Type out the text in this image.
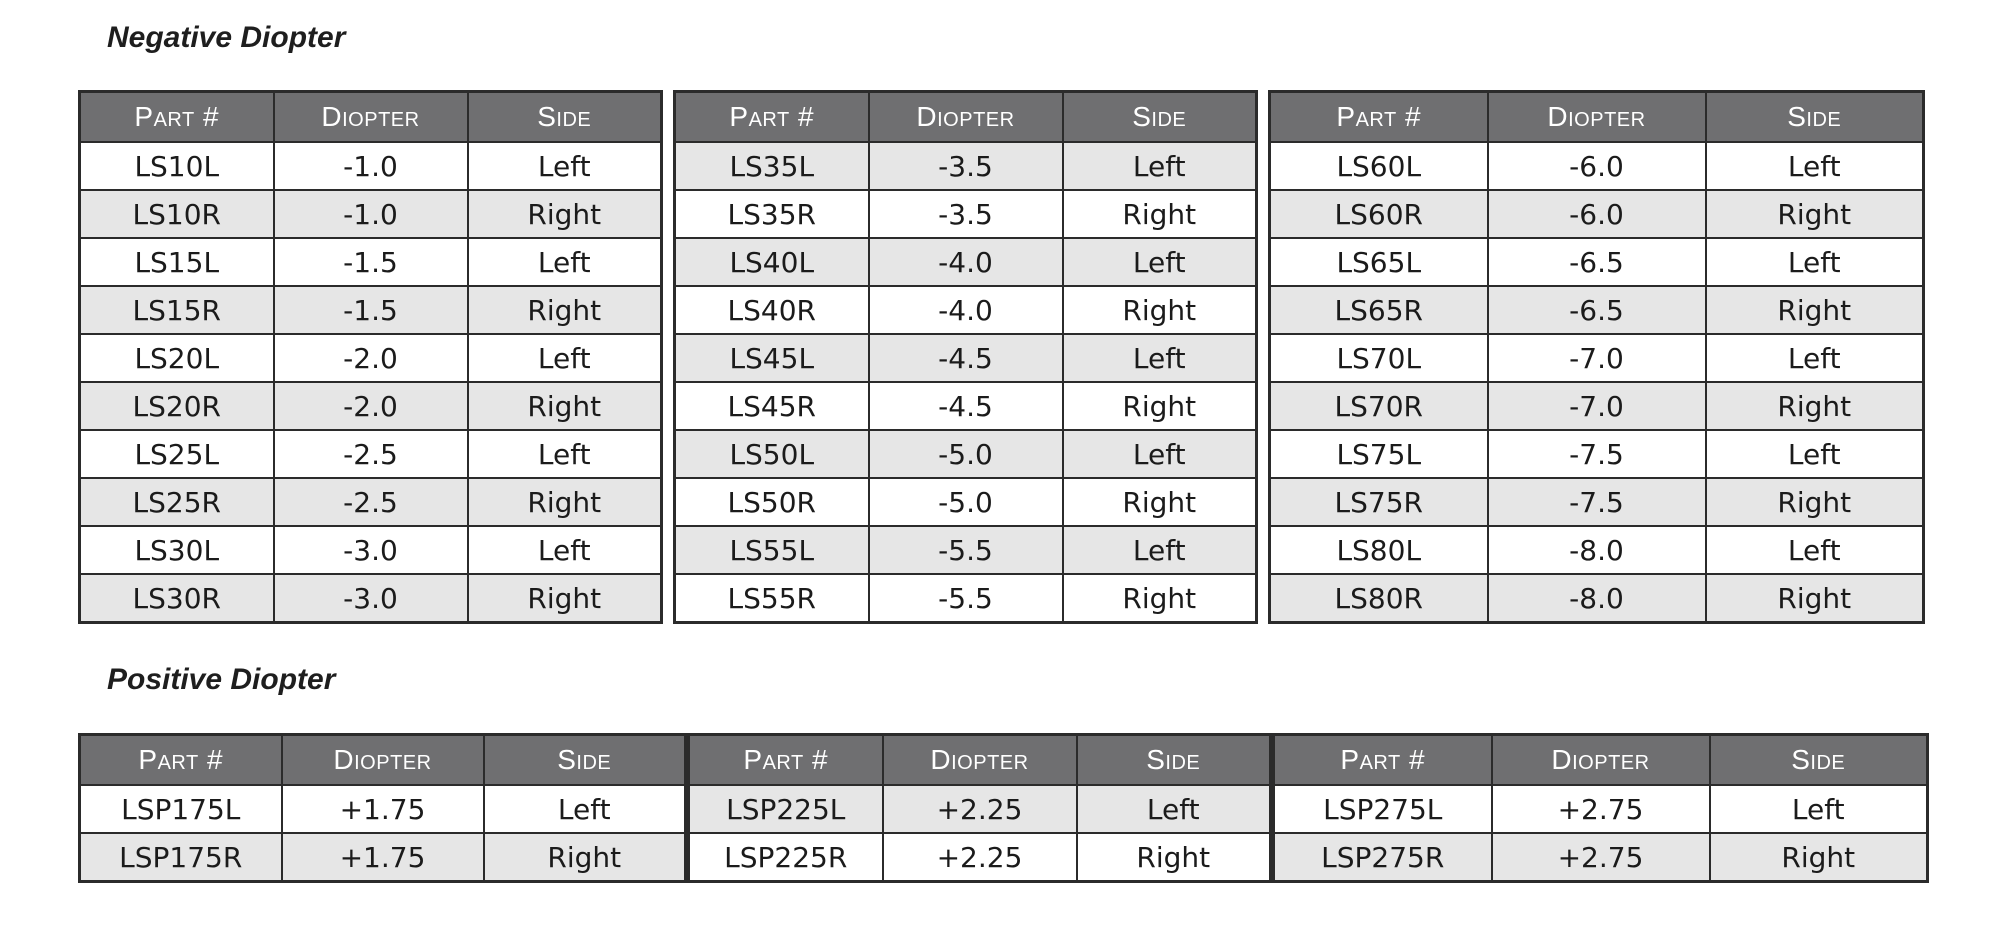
Negative Diopter
Part #	Diopter	Side
LS10L	-1.0	Left
LS10R	-1.0	Right
LS15L	-1.5	Left
LS15R	-1.5	Right
LS20L	-2.0	Left
LS20R	-2.0	Right
LS25L	-2.5	Left
LS25R	-2.5	Right
LS30L	-3.0	Left
LS30R	-3.0	Right
Part #	Diopter	Side
LS35L	-3.5	Left
LS35R	-3.5	Right
LS40L	-4.0	Left
LS40R	-4.0	Right
LS45L	-4.5	Left
LS45R	-4.5	Right
LS50L	-5.0	Left
LS50R	-5.0	Right
LS55L	-5.5	Left
LS55R	-5.5	Right
Part #	Diopter	Side
LS60L	-6.0	Left
LS60R	-6.0	Right
LS65L	-6.5	Left
LS65R	-6.5	Right
LS70L	-7.0	Left
LS70R	-7.0	Right
LS75L	-7.5	Left
LS75R	-7.5	Right
LS80L	-8.0	Left
LS80R	-8.0	Right
Positive Diopter
Part #	Diopter	Side
LSP175L	+1.75	Left
LSP175R	+1.75	Right
Part #	Diopter	Side
LSP225L	+2.25	Left
LSP225R	+2.25	Right
Part #	Diopter	Side
LSP275L	+2.75	Left
LSP275R	+2.75	Right
